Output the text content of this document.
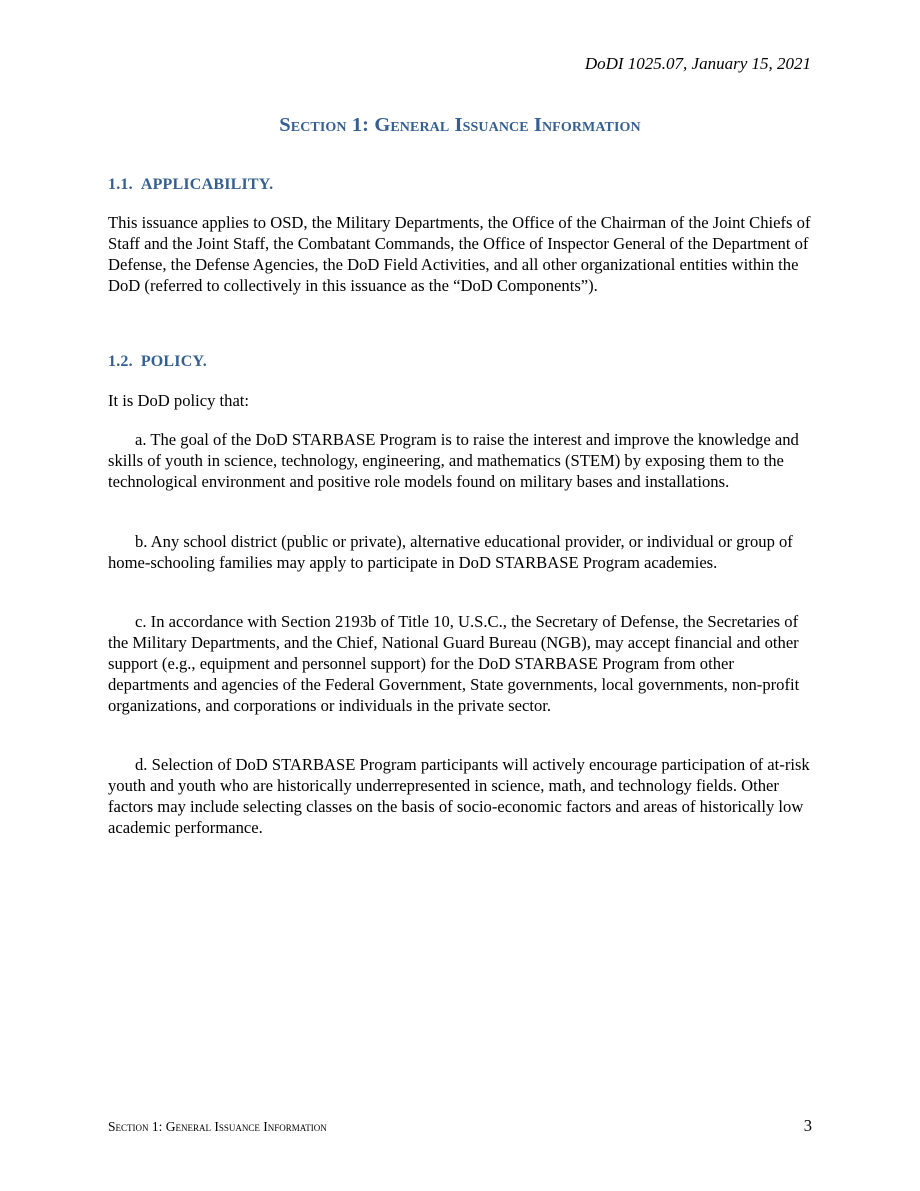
DoDI 1025.07, January 15, 2021
Section 1: General Issuance Information
1.1. APPLICABILITY.
This issuance applies to OSD, the Military Departments, the Office of the Chairman of the Joint Chiefs of Staff and the Joint Staff, the Combatant Commands, the Office of Inspector General of the Department of Defense, the Defense Agencies, the DoD Field Activities, and all other organizational entities within the DoD (referred to collectively in this issuance as the “DoD Components”).
1.2. POLICY.
It is DoD policy that:
a. The goal of the DoD STARBASE Program is to raise the interest and improve the knowledge and skills of youth in science, technology, engineering, and mathematics (STEM) by exposing them to the technological environment and positive role models found on military bases and installations.
b. Any school district (public or private), alternative educational provider, or individual or group of home-schooling families may apply to participate in DoD STARBASE Program academies.
c. In accordance with Section 2193b of Title 10, U.S.C., the Secretary of Defense, the Secretaries of the Military Departments, and the Chief, National Guard Bureau (NGB), may accept financial and other support (e.g., equipment and personnel support) for the DoD STARBASE Program from other departments and agencies of the Federal Government, State governments, local governments, non-profit organizations, and corporations or individuals in the private sector.
d. Selection of DoD STARBASE Program participants will actively encourage participation of at-risk youth and youth who are historically underrepresented in science, math, and technology fields. Other factors may include selecting classes on the basis of socio-economic factors and areas of historically low academic performance.
Section 1: General Issuance Information	3
